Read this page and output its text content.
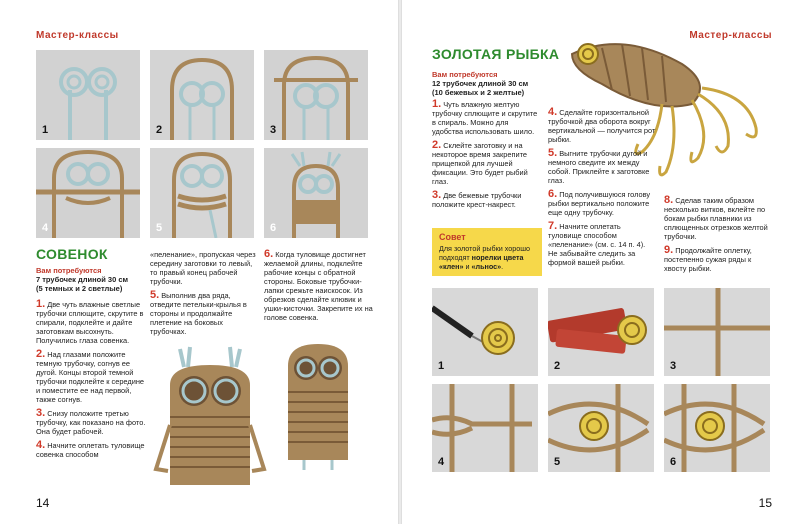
Мастер-классы
1	2	3
4	5	6
СОВЕНОК
Вам потребуются
7 трубочек длиной 30 см
(5 темных и 2 светлые)

1. Две чуть влажные светлые трубочки сплющите, скрутите в спирали, подклейте и дайте заготовкам высохнуть. Получились глаза совенка.

2. Над глазами положите темную трубочку, согнув ее дугой. Концы второй темной трубочки подклейте к середине и поместите ее над первой, также согнув.

3. Снизу положите третью трубочку, как показано на фото. Она будет рабочей.

4. Начните оплетать туловище совенка способом

«пеленание», пропуская через середину заготовки то левый, то правый конец рабочей трубочки.

5. Выполнив два ряда, отведите петельки-крылья в стороны и продолжайте плетение на боковых трубочках.

6. Когда туловище достигнет желаемой длины, подклейте рабочие концы с обратной стороны. Боковые трубочки-лапки срежьте наискосок. Из обрезков сделайте клювик и ушки-кисточки. Закрепите их на голове совенка.

14
Мастер-классы
ЗОЛОТАЯ РЫБКА
Вам потребуются
12 трубочек длиной 30 см
(10 бежевых и 2 желтые)

1. Чуть влажную желтую трубочку сплющите и скрутите в спираль. Можно для удобства использовать шило.

2. Склейте заготовку и на некоторое время закрепите прищепкой для лучшей фиксации. Это будет рыбий глаз.

3. Две бежевые трубочки положите крест-накрест.

Совет
Для золотой рыбки хорошо подходят норелки цвета «клен» и «льнос».

4. Сделайте горизонтальной трубочкой два оборота вокруг вертикальной — получится рот рыбки.

5. Выгните трубочки дугой и немного сведите их между собой. Приклейте к заготовке глаз.

6. Под получившуюся голову рыбки вертикально положите еще одну трубочку.

7. Начните оплетать туловище способом «пеленание» (см. с. 14 п. 4). Не забывайте следить за формой вашей рыбки.

8. Сделав таким образом несколько витков, вклейте по бокам рыбки плавники из сплющенных отрезков желтой трубочки.

9. Продолжайте оплетку, постепенно сужая ряды к хвосту рыбки.

1	2	3
4	5	6
15
